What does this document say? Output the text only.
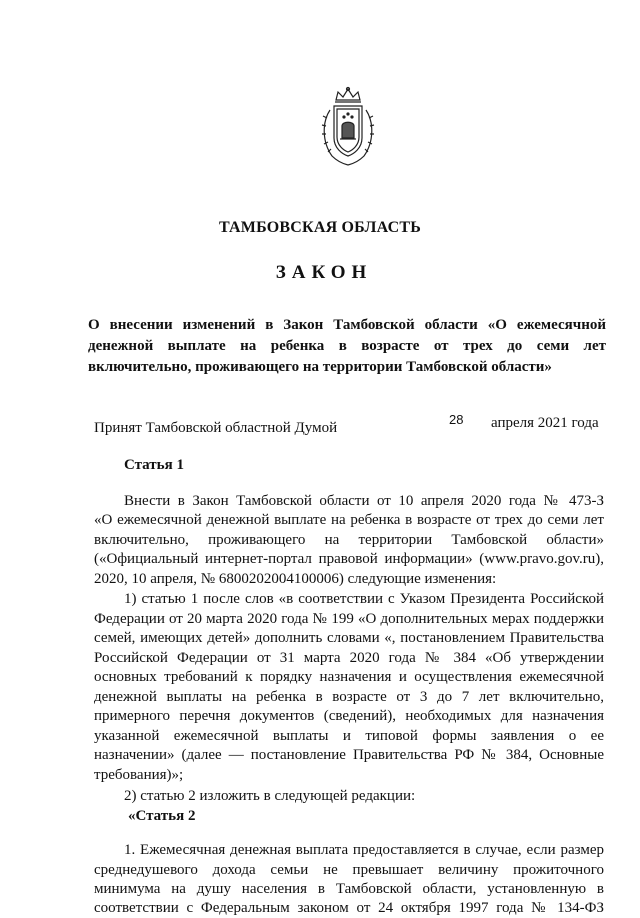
ТАМБОВСКАЯ ОБЛАСТЬ
ЗАКОН
О внесении изменений в Закон Тамбовской области «О ежемесячной
денежной выплате на ребенка в возрасте от трех до семи лет
включительно, проживающего на территории Тамбовской области»
Принят Тамбовской областной Думой
28 апреля 2021 года
Статья 1
Внести в Закон Тамбовской области от 10 апреля 2020 года № 473-З
«О ежемесячной денежной выплате на ребенка в возрасте от трех до семи лет
включительно, проживающего на территории Тамбовской области»
(«Официальный интернет-портал правовой информации» (www.pravo.gov.ru),
2020, 10 апреля, № 6800202004100006) следующие изменения:
1) статью 1 после слов «в соответствии с Указом Президента Российской
Федерации от 20 марта 2020 года № 199 «О дополнительных мерах поддержки
семей, имеющих детей» дополнить словами «, постановлением Правительства
Российской Федерации от 31 марта 2020 года № 384 «Об утверждении
основных требований к порядку назначения и осуществления ежемесячной
денежной выплаты на ребенка в возрасте от 3 до 7 лет включительно,
примерного перечня документов (сведений), необходимых для назначения
указанной ежемесячной выплаты и типовой формы заявления о ее
назначении» (далее — постановление Правительства РФ № 384, Основные
требования)»;
2) статью 2 изложить в следующей редакции:
«Статья 2
1. Ежемесячная денежная выплата предоставляется в случае, если размер
среднедушевого дохода семьи не превышает величину прожиточного
минимума на душу населения в Тамбовской области, установленную в
соответствии с Федеральным законом от 24 октября 1997 года № 134-ФЗ
